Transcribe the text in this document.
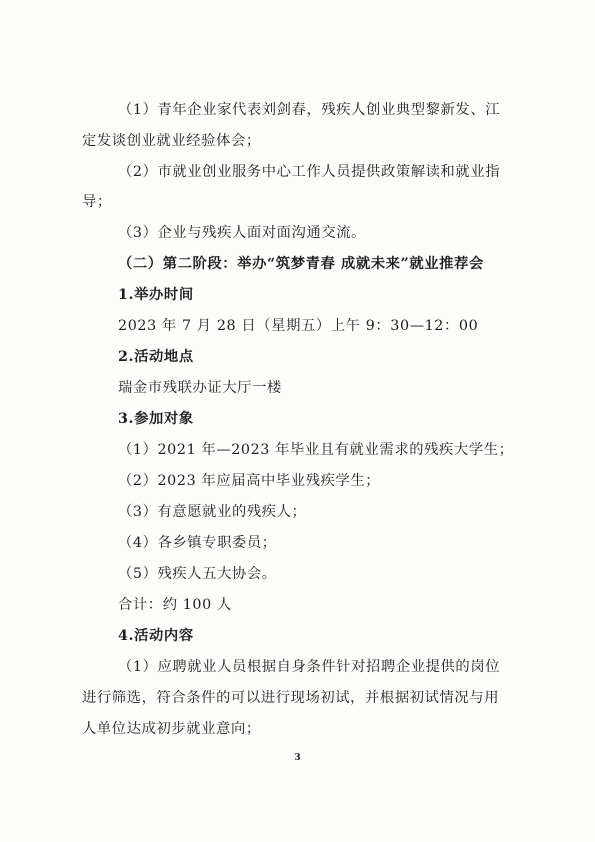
（1）青年企业家代表刘剑春，残疾人创业典型黎新发、江
定发谈创业就业经验体会；
（2）市就业创业服务中心工作人员提供政策解读和就业指
导；
（3）企业与残疾人面对面沟通交流。
（二）第二阶段：举办“筑梦青春 成就未来”就业推荐会
1.举办时间
2023 年 7 月 28 日（星期五）上午 9：30—12：00
2.活动地点
瑞金市残联办证大厅一楼
3.参加对象
（1）2021 年—2023 年毕业且有就业需求的残疾大学生；
（2）2023 年应届高中毕业残疾学生；
（3）有意愿就业的残疾人；
（4）各乡镇专职委员；
（5）残疾人五大协会。
合计：约 100 人
4.活动内容
（1）应聘就业人员根据自身条件针对招聘企业提供的岗位
进行筛选，符合条件的可以进行现场初试，并根据初试情况与用
人单位达成初步就业意向；
3
